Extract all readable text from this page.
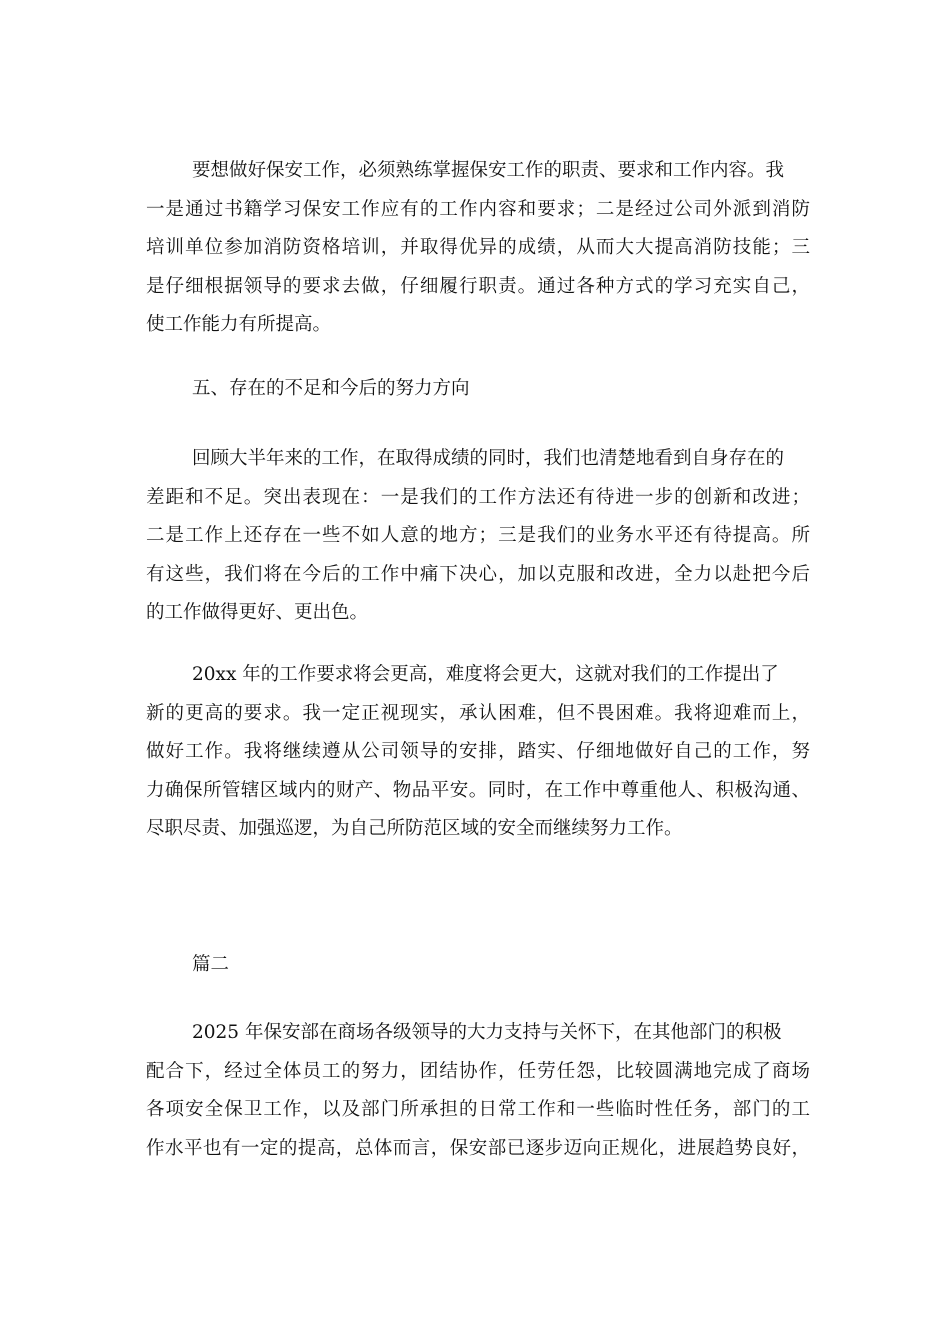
要想做好保安工作，必须熟练掌握保安工作的职责、要求和工作内容。我
一是通过书籍学习保安工作应有的工作内容和要求；二是经过公司外派到消防
培训单位参加消防资格培训，并取得优异的成绩，从而大大提高消防技能；三
是仔细根据领导的要求去做，仔细履行职责。通过各种方式的学习充实自己，
使工作能力有所提高。
五、存在的不足和今后的努力方向
回顾大半年来的工作，在取得成绩的同时，我们也清楚地看到自身存在的
差距和不足。突出表现在：一是我们的工作方法还有待进一步的创新和改进；
二是工作上还存在一些不如人意的地方；三是我们的业务水平还有待提高。所
有这些，我们将在今后的工作中痛下决心，加以克服和改进，全力以赴把今后
的工作做得更好、更出色。
20xx 年的工作要求将会更高，难度将会更大，这就对我们的工作提出了
新的更高的要求。我一定正视现实，承认困难，但不畏困难。我将迎难而上，
做好工作。我将继续遵从公司领导的安排，踏实、仔细地做好自己的工作，努
力确保所管辖区域内的财产、物品平安。同时，在工作中尊重他人、积极沟通、
尽职尽责、加强巡逻，为自己所防范区域的安全而继续努力工作。
篇二
2025 年保安部在商场各级领导的大力支持与关怀下，在其他部门的积极
配合下，经过全体员工的努力，团结协作，任劳任怨，比较圆满地完成了商场
各项安全保卫工作，以及部门所承担的日常工作和一些临时性任务，部门的工
作水平也有一定的提高，总体而言，保安部已逐步迈向正规化，进展趋势良好，
